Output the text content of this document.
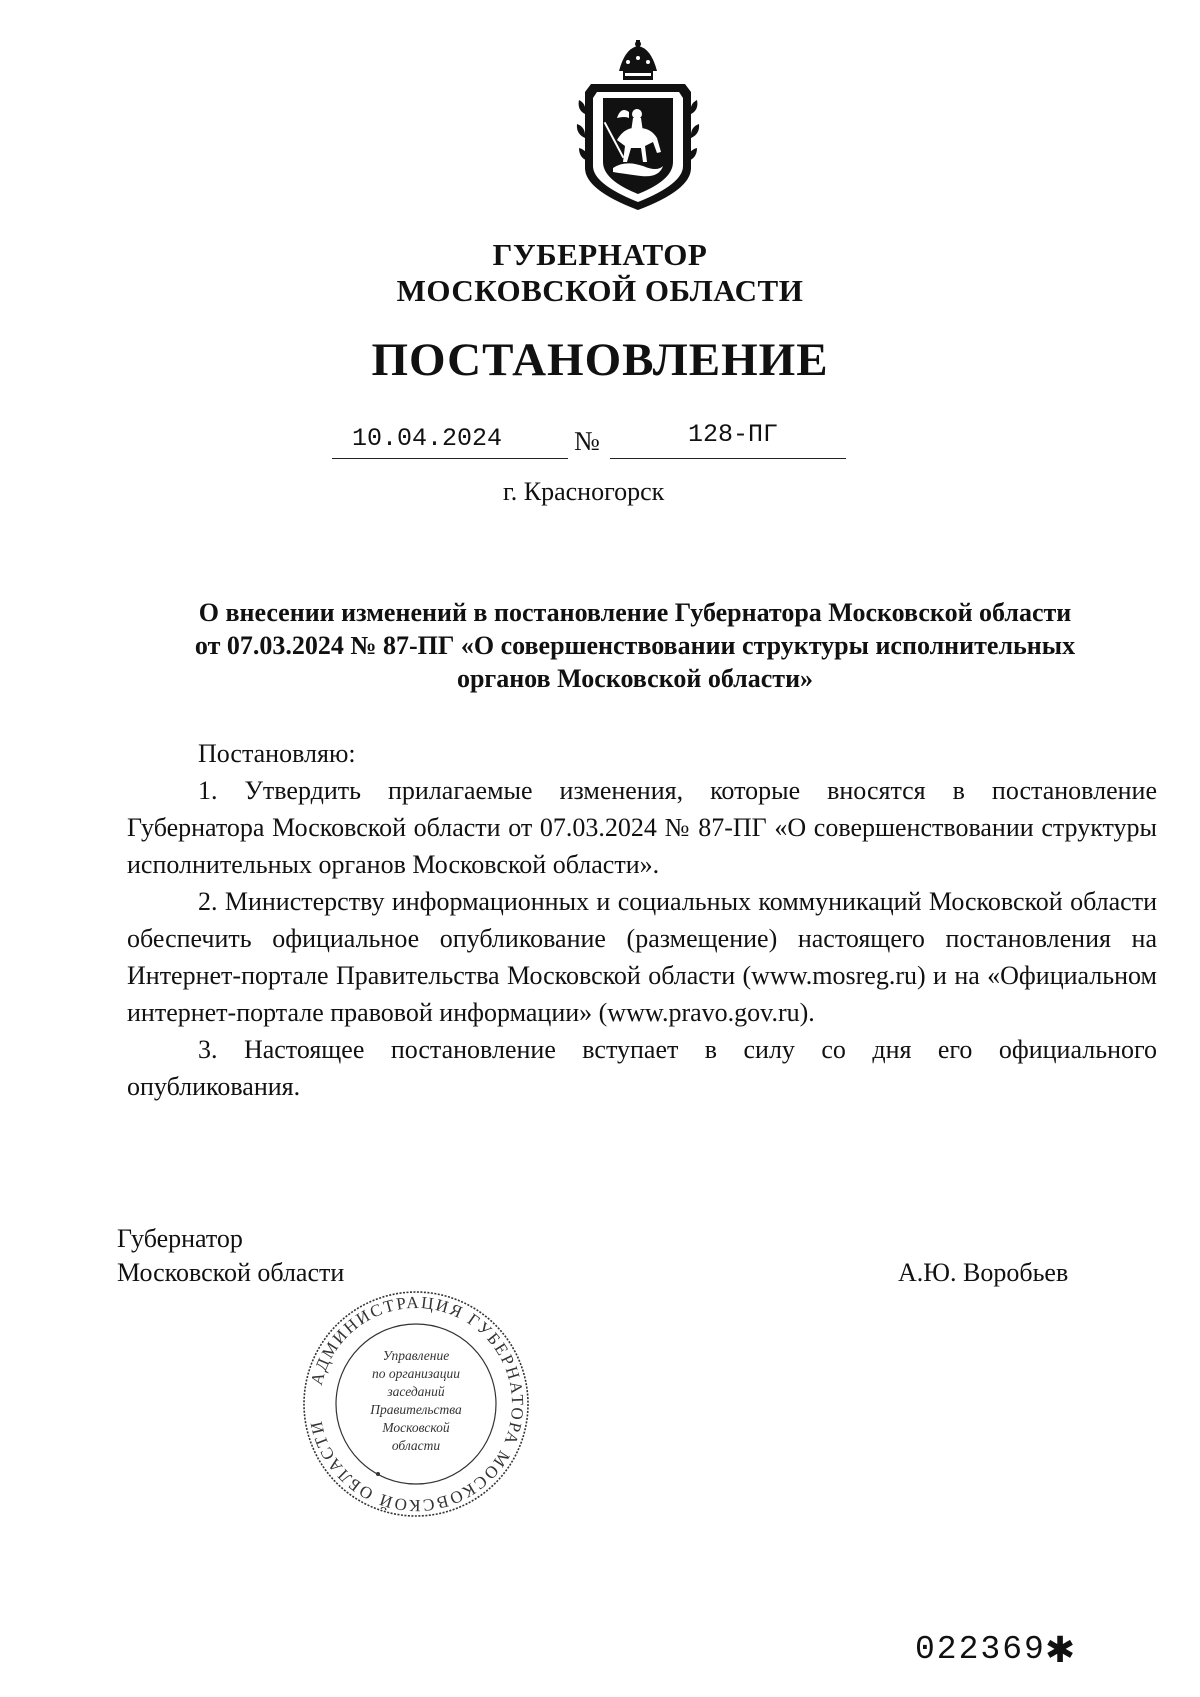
ГУБЕРНАТОР
МОСКОВСКОЙ ОБЛАСТИ
ПОСТАНОВЛЕНИЕ
10.04.2024	№	128-ПГ
г. Красногорск
О внесении изменений в постановление Губернатора Московской области
от 07.03.2024 № 87-ПГ «О совершенствовании структуры исполнительных
органов Московской области»

Постановляю:

1. Утвердить прилагаемые изменения, которые вносятся в постановление Губернатора Московской области от 07.03.2024 № 87-ПГ «О совершенствовании структуры исполнительных органов Московской области».

2. Министерству информационных и социальных коммуникаций Московской области обеспечить официальное опубликование (размещение) настоящего постановления на Интернет-портале Правительства Московской области (www.mosreg.ru) и на «Официальном интернет-портале правовой информации» (www.pravo.gov.ru).

3. Настоящее постановление вступает в силу со дня его официального опубликования.

Губернатор
Московской области	А.Ю. Воробьев
АДМИНИСТРАЦИЯ ГУБЕРНАТОРА МОСКОВСКОЙ ОБЛАСТИ
Управление
по организации
заседаний
Правительства
Московской
области
022369 ✱
